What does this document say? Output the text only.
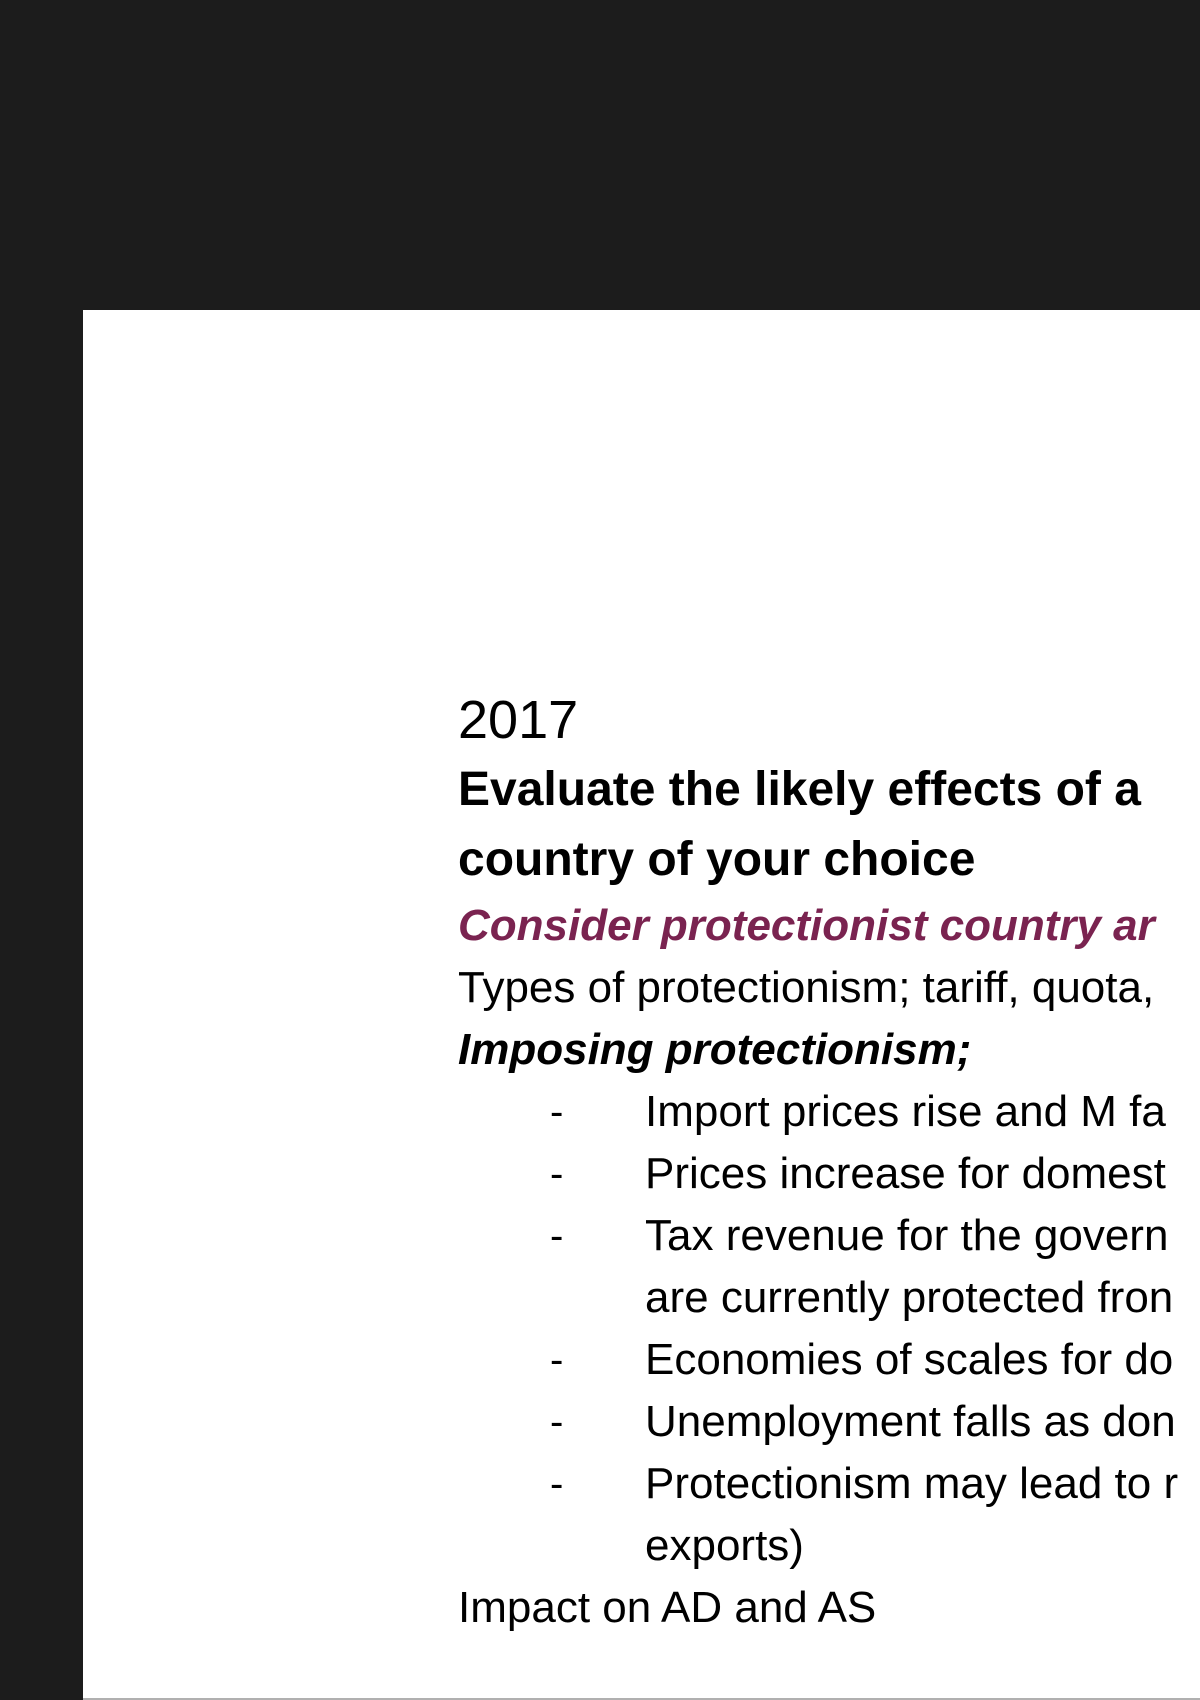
2017
Evaluate the likely effects of a
country of your choice
Consider protectionist country ar
Types of protectionism; tariff, quota,
Imposing protectionism;
- Import prices rise and M fa
- Prices increase for domest
- Tax revenue for the govern
are currently protected fron
- Economies of scales for do
- Unemployment falls as don
- Protectionism may lead to r
exports)
Impact on AD and AS
